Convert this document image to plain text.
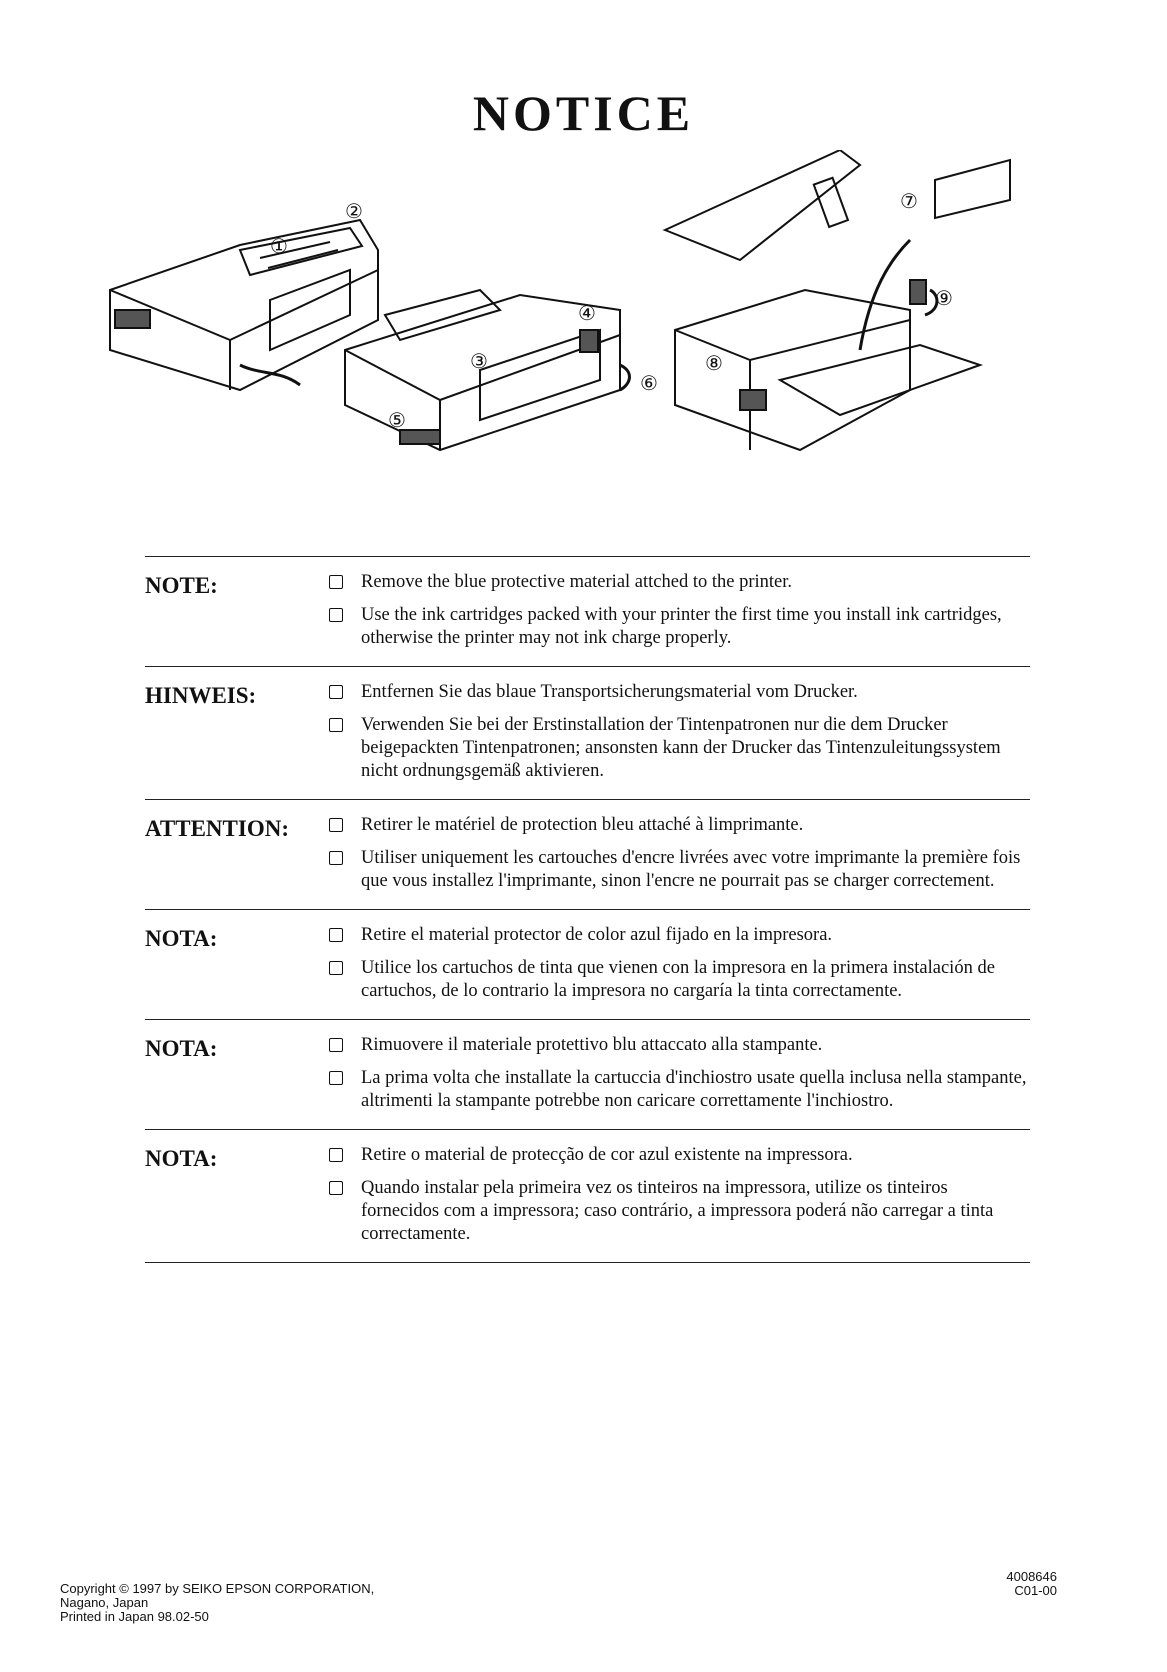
NOTICE
①
②
③
④
⑤
⑥
⑦
⑧
⑨
NOTE:	Remove the blue protective material attched to the printer.
Use the ink cartridges packed with your printer the first time you install ink cartridges, otherwise the printer may not ink charge properly.
HINWEIS:	Entfernen Sie das blaue Transportsicherungsmaterial vom Drucker.
Verwenden Sie bei der Erstinstallation der Tintenpatronen nur die dem Drucker beigepackten Tintenpatronen; ansonsten kann der Drucker das Tintenzuleitungssystem nicht ordnungsgemäß aktivieren.
ATTENTION:	Retirer le matériel de protection bleu attaché à limprimante.
Utiliser uniquement les cartouches d'encre livrées avec votre imprimante la première fois que vous installez l'imprimante, sinon l'encre ne pourrait pas se charger correctement.
NOTA:	Retire el material protector de color azul fijado en la impresora.
Utilice los cartuchos de tinta que vienen con la impresora en la primera instalación de cartuchos, de lo contrario la impresora no cargaría la tinta correctamente.
NOTA:	Rimuovere il materiale protettivo blu attaccato alla stampante.
La prima volta che installate la cartuccia d'inchiostro usate quella inclusa nella stampante, altrimenti la stampante potrebbe non caricare correttamente l'inchiostro.
NOTA:	Retire o material de protecção de cor azul existente na impressora.
Quando instalar pela primeira vez os tinteiros na impressora, utilize os tinteiros fornecidos com a impressora; caso contrário, a impressora poderá não carregar a tinta correctamente.
Copyright © 1997 by SEIKO EPSON CORPORATION,
Nagano, Japan
Printed in Japan 98.02-50
4008646
C01-00
